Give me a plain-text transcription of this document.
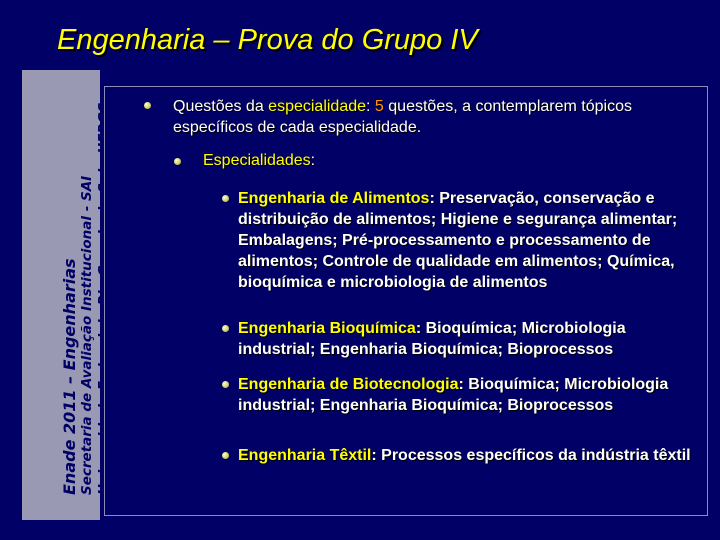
Engenharia – Prova do Grupo IV
Enade 2011 – Engenharias Secretaria de Avaliação Institucional - SAI Universidade Federal do Rio Grande do Sul - UFRGS	Questões da especialidade: 5 questões, a contemplarem tópicos específicos de cada especialidade.
Especialidades:
Engenharia de Alimentos: Preservação, conservação e distribuição de alimentos; Higiene e segurança alimentar; Embalagens; Pré-processamento e processamento de alimentos; Controle de qualidade em alimentos; Química, bioquímica e microbiologia de alimentos
Engenharia Bioquímica: Bioquímica; Microbiologia industrial; Engenharia Bioquímica; Bioprocessos
Engenharia de Biotecnologia: Bioquímica; Microbiologia industrial; Engenharia Bioquímica; Bioprocessos
Engenharia Têxtil: Processos específicos da indústria têxtil
